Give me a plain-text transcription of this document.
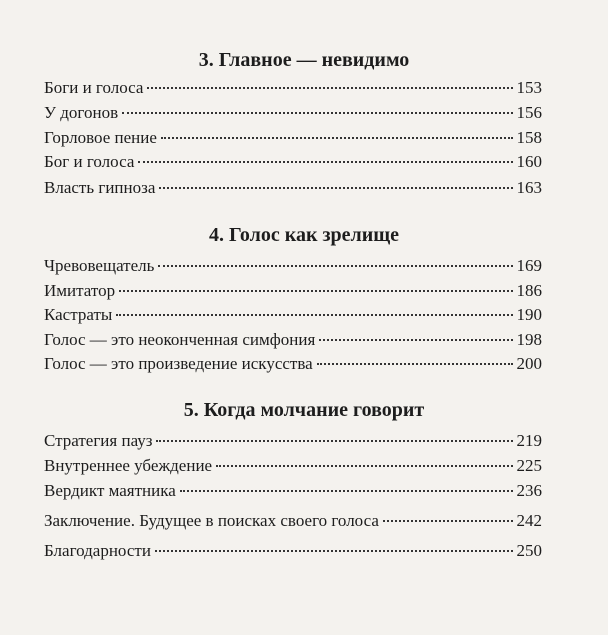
3. Главное — невидимо
Боги и голоса	153
У догонов	156
Горловое пение	158
Бог и голоса	160
Власть гипноза	163
4. Голос как зрелище
Чревовещатель	169
Имитатор	186
Кастраты	190
Голос — это неоконченная симфония	198
Голос — это произведение искусства	200
5. Когда молчание говорит
Стратегия пауз	219
Внутреннее убеждение	225
Вердикт маятника	236
Заключение. Будущее в поисках своего голоса	242
Благодарности	250
